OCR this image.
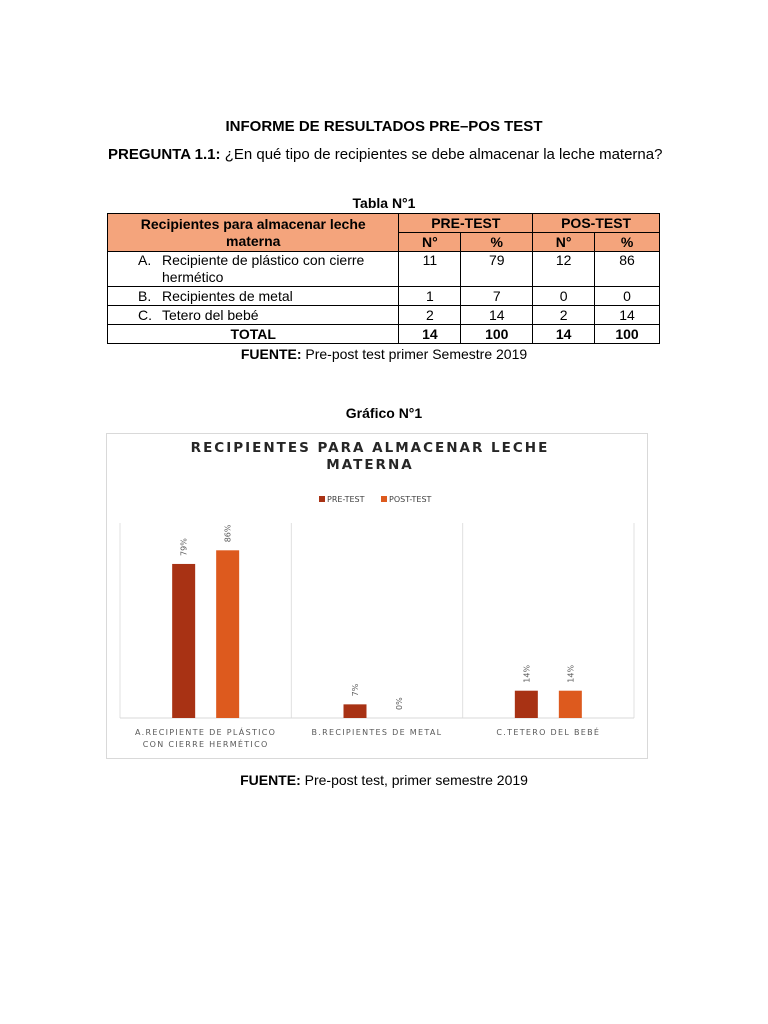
INFORME DE RESULTADOS PRE–POS TEST
PREGUNTA 1.1: ¿En qué tipo de recipientes se debe almacenar la leche materna?
Tabla N°1
Recipientes para almacenar leche materna	PRE-TEST		POS-TEST	
	N°	%	N°	%

A. Recipiente de plástico con cierre hermético	11	79	12	86

B. Recipientes de metal	1	7	0	0

C. Tetero del bebé	2	14	2	14
TOTAL	14	100	14	100
FUENTE: Pre-post test primer Semestre 2019
Gráfico N°1
RECIPIENTES PARA ALMACENAR LECHE
MATERNA
PRE-TEST	POST-TEST
79%
86%
7%
0%
14%	14%
A.RECIPIENTE DE PLÁSTICO
CON CIERRE HERMÉTICO
B.RECIPIENTES DE METAL	C.TETERO DEL BEBÉ
FUENTE: Pre-post test, primer semestre 2019
